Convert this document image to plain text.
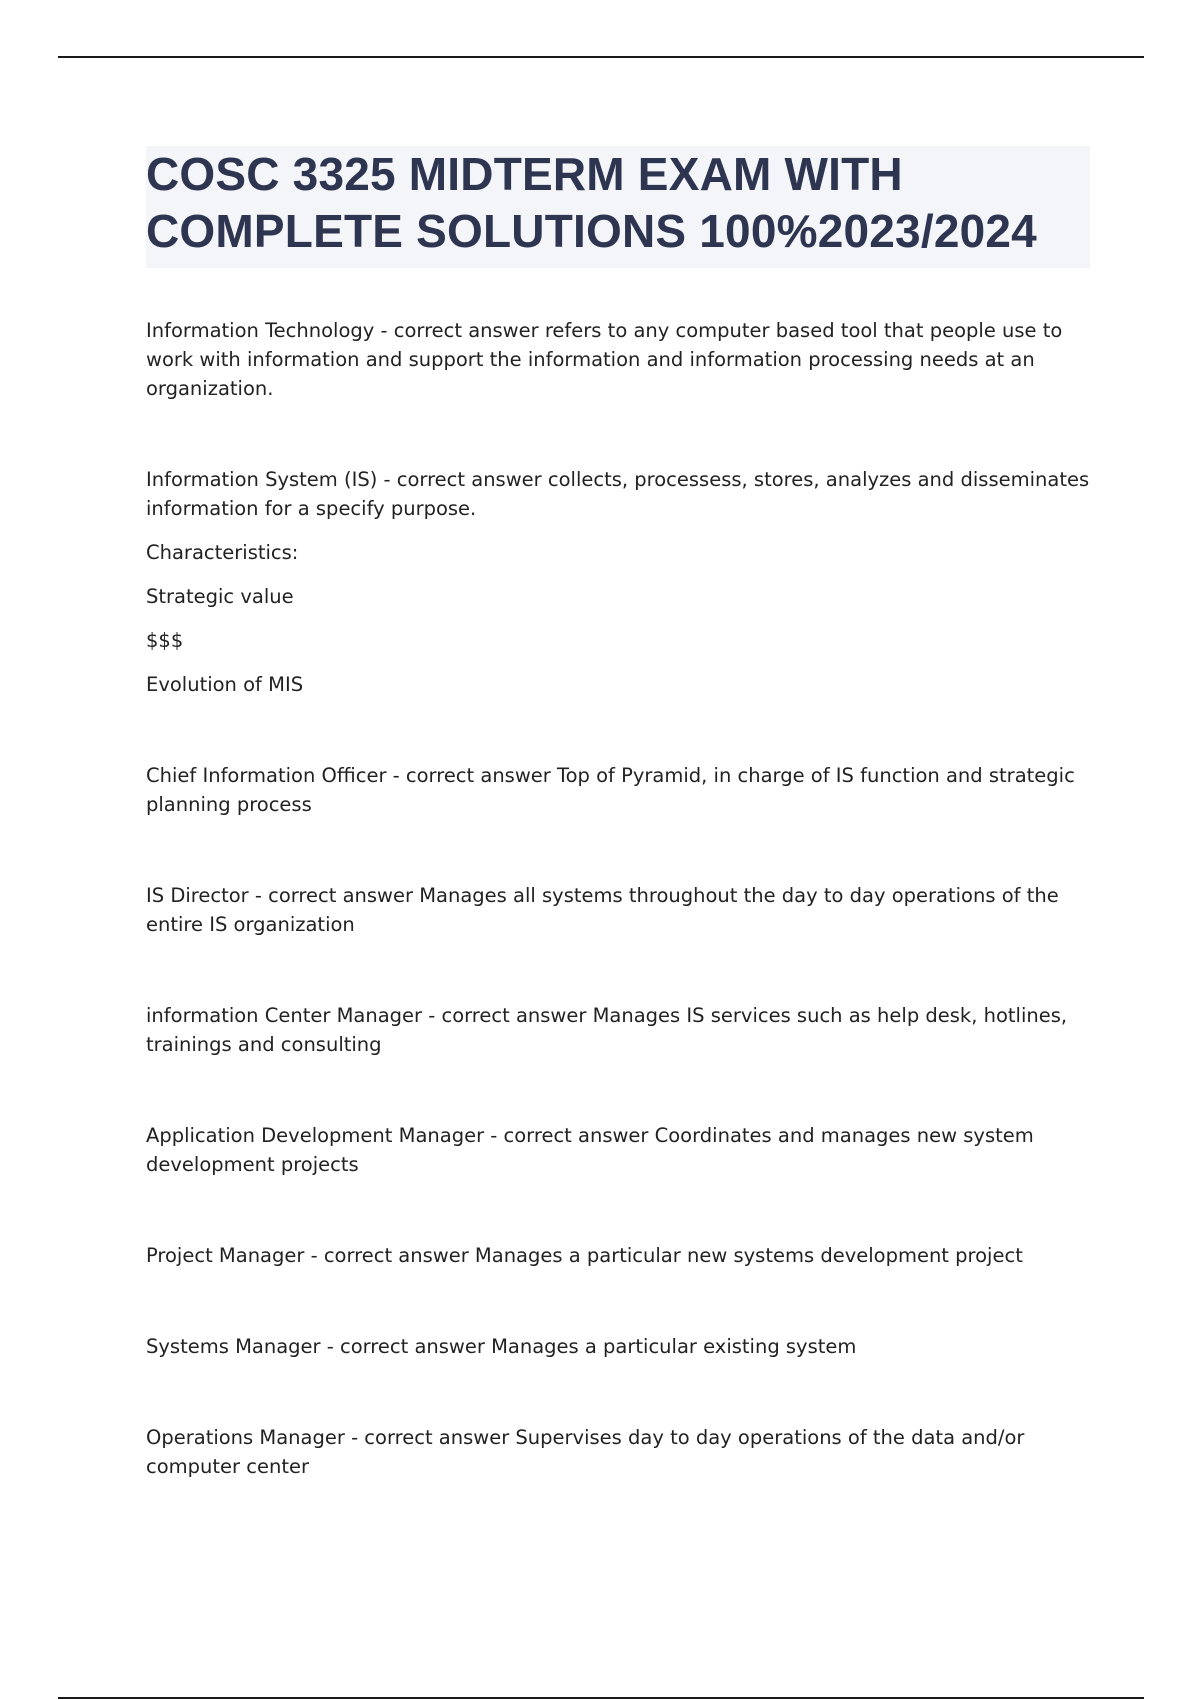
COSC 3325 MIDTERM EXAM WITH
COMPLETE SOLUTIONS 100%2023/2024

Information Technology - correct answer refers to any computer based tool that people use to work with information and support the information and information processing needs at an organization.

Information System (IS) - correct answer collects, processess, stores, analyzes and disseminates information for a specify purpose.

Characteristics:

Strategic value

$$$

Evolution of MIS

Chief Information Officer - correct answer Top of Pyramid, in charge of IS function and strategic planning process

IS Director - correct answer Manages all systems throughout the day to day operations of the entire IS organization

information Center Manager - correct answer Manages IS services such as help desk, hotlines, trainings and consulting

Application Development Manager - correct answer Coordinates and manages new system development projects

Project Manager - correct answer Manages a particular new systems development project

Systems Manager - correct answer Manages a particular existing system

Operations Manager - correct answer Supervises day to day operations of the data and/or computer center
